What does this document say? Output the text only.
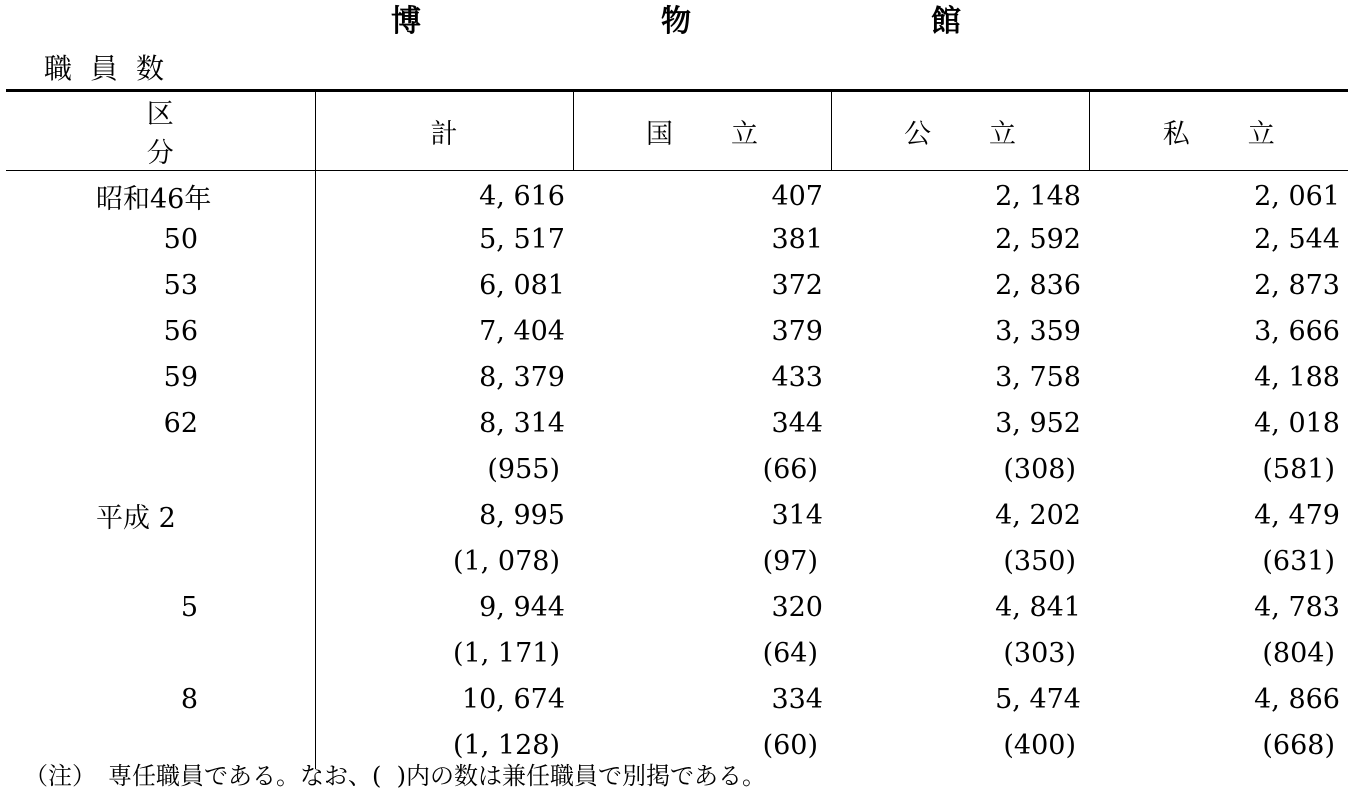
博　物　館
職員数
区分	計	国立	公立	私立
昭和46年	4, 616	407	2, 148	2, 061
50	5, 517	381	2, 592	2, 544
53	6, 081	372	2, 836	2, 873
56	7, 404	379	3, 359	3, 666
59	8, 379	433	3, 758	4, 188
62	8, 314	344	3, 952	4, 018
	(955)	(66)	(308)	(581)
平成 2	8, 995	314	4, 202	4, 479
	(1, 078)	(97)	(350)	(631)
5	9, 944	320	4, 841	4, 783
	(1, 171)	(64)	(303)	(804)
8	10, 674	334	5, 474	4, 866
	(1, 128)	(60)	(400)	(668)
（注）　専任職員である。なお、(  )内の数は兼任職員で別掲である。
